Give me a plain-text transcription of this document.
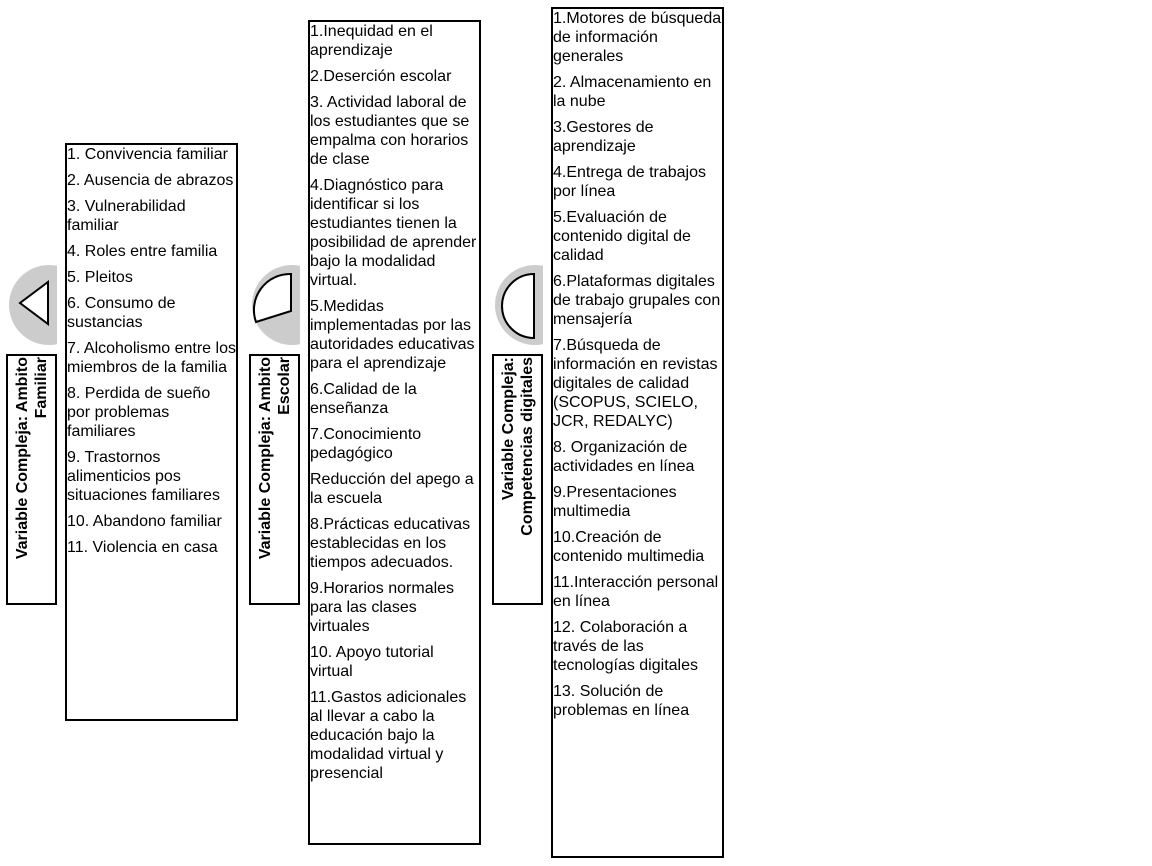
Variable Compleja: Ambito Familiar
1. Convivencia familiar
2. Ausencia de abrazos
3. Vulnerabilidad familiar
4. Roles entre familia
5. Pleitos
6. Consumo de sustancias
7. Alcoholismo entre los miembros de la familia
8. Perdida de sueño por problemas familiares
9. Trastornos alimenticios pos situaciones familiares
10. Abandono familiar
11. Violencia en casa	Variable Compleja: Ambito Escolar
1.Inequidad en el aprendizaje
2.Deserción escolar
3. Actividad laboral de los estudiantes que se empalma con horarios de clase
4.Diagnóstico para identificar si los estudiantes tienen la posibilidad de aprender bajo la modalidad virtual.
5.Medidas implementadas por las autoridades educativas para el aprendizaje
6.Calidad de la enseñanza
7.Conocimiento pedagógico
Reducción del apego a la escuela
8.Prácticas educativas establecidas en los tiempos adecuados.
9.Horarios normales para las clases virtuales
10. Apoyo tutorial virtual
11.Gastos adicionales al llevar a cabo la educación bajo la modalidad virtual y presencial
Variable Compleja: Competencias digitales
1.Motores de búsqueda de información generales
2. Almacenamiento en la nube
3.Gestores de aprendizaje
4.Entrega de trabajos por línea
5.Evaluación de contenido digital de calidad
6.Plataformas digitales de trabajo grupales con mensajería
7.Búsqueda de información en revistas digitales de calidad (SCOPUS, SCIELO, JCR, REDALYC)
8. Organización de actividades en línea
9.Presentaciones multimedia
10.Creación de contenido multimedia
11.Interacción personal en línea
12. Colaboración a través de las tecnologías digitales
13. Solución de problemas en línea
